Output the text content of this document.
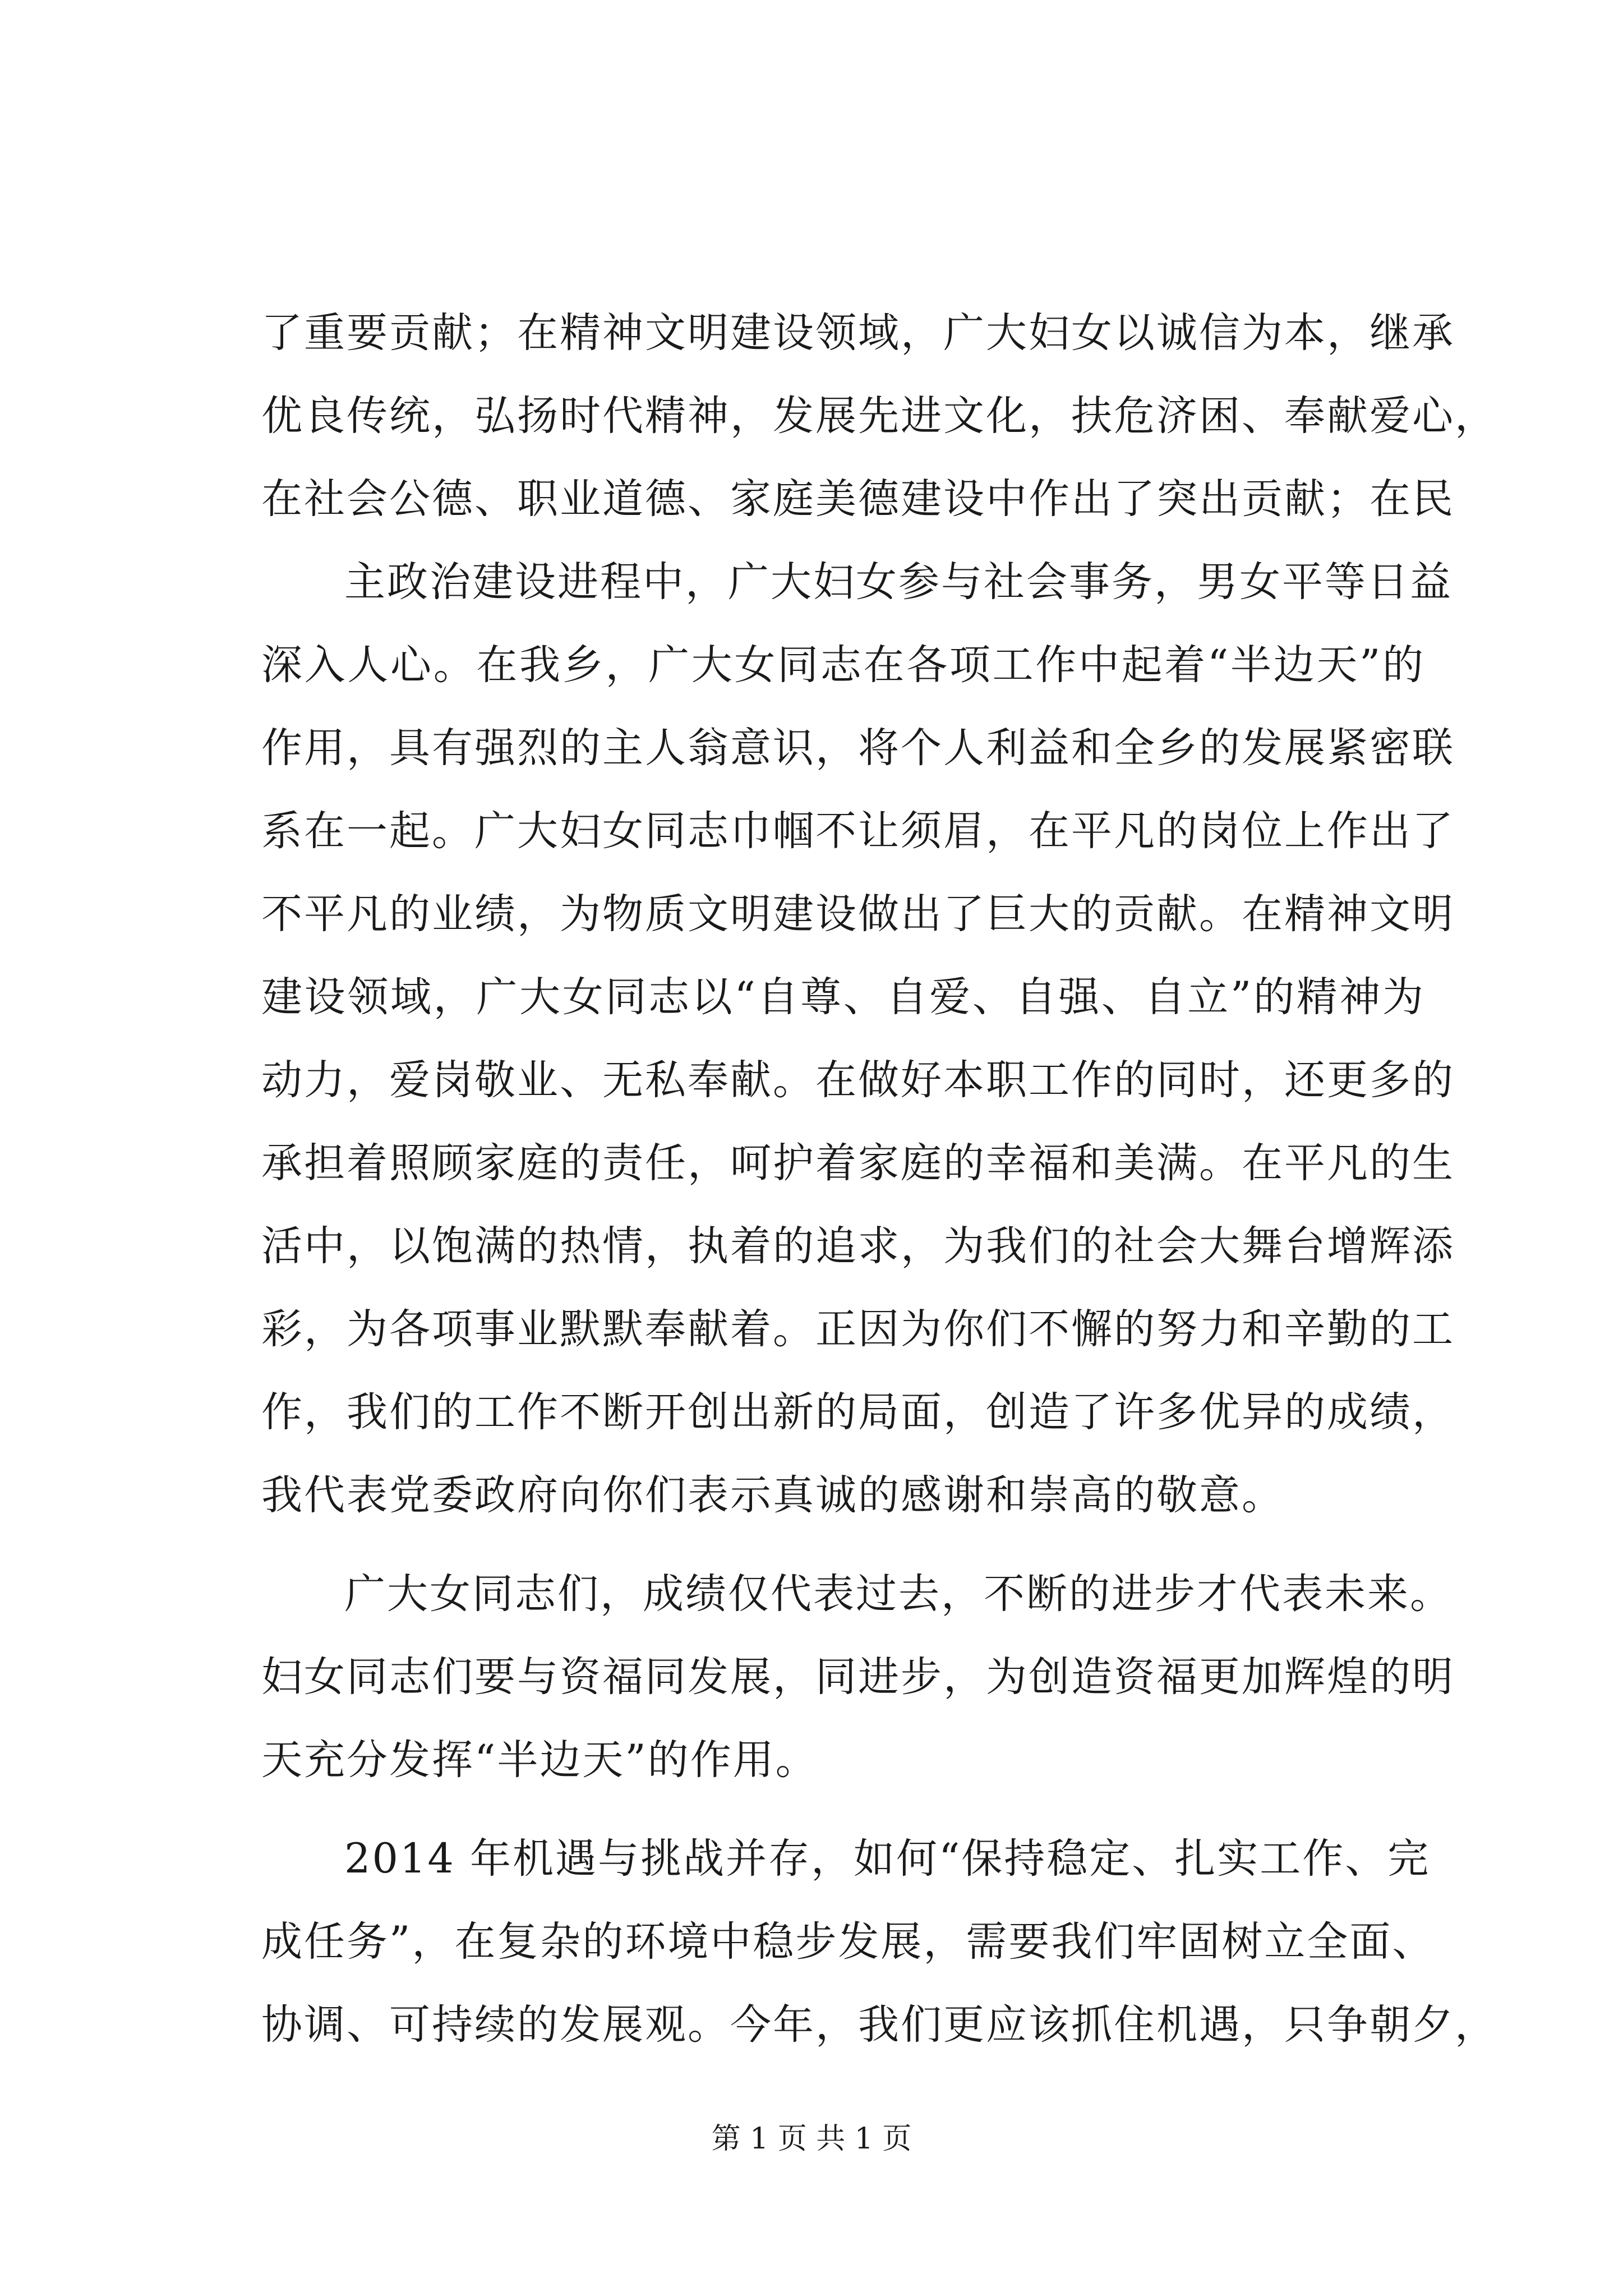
了重要贡献；在精神文明建设领域，广大妇女以诚信为本，继承
优良传统，弘扬时代精神，发展先进文化，扶危济困、奉献爱心，
在社会公德、职业道德、家庭美德建设中作出了突出贡献；在民
主政治建设进程中，广大妇女参与社会事务，男女平等日益
深入人心。在我乡，广大女同志在各项工作中起着“半边天”的
作用，具有强烈的主人翁意识，将个人利益和全乡的发展紧密联
系在一起。广大妇女同志巾帼不让须眉，在平凡的岗位上作出了
不平凡的业绩，为物质文明建设做出了巨大的贡献。在精神文明
建设领域，广大女同志以“自尊、自爱、自强、自立”的精神为
动力，爱岗敬业、无私奉献。在做好本职工作的同时，还更多的
承担着照顾家庭的责任，呵护着家庭的幸福和美满。在平凡的生
活中，以饱满的热情，执着的追求，为我们的社会大舞台增辉添
彩，为各项事业默默奉献着。正因为你们不懈的努力和辛勤的工
作，我们的工作不断开创出新的局面，创造了许多优异的成绩，
我代表党委政府向你们表示真诚的感谢和崇高的敬意。
广大女同志们，成绩仅代表过去，不断的进步才代表未来。
妇女同志们要与资福同发展，同进步，为创造资福更加辉煌的明
天充分发挥“半边天”的作用。
2014 年机遇与挑战并存，如何“保持稳定、扎实工作、完
成任务”，在复杂的环境中稳步发展，需要我们牢固树立全面、
协调、可持续的发展观。今年，我们更应该抓住机遇，只争朝夕，
第 1 页 共 1 页
